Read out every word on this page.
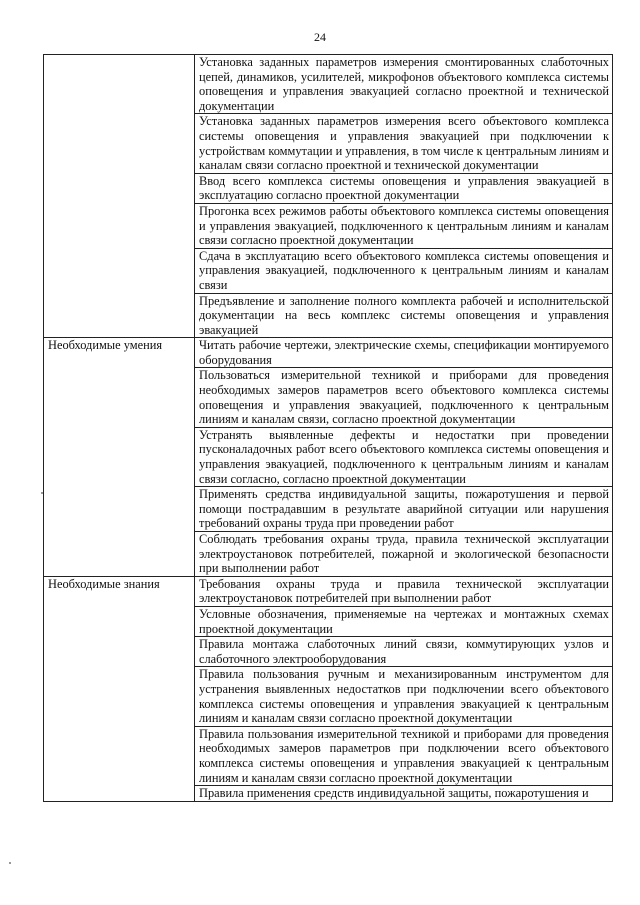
24
	Установка заданных параметров измерения смонтированных слаботочных цепей, динамиков, усилителей, микрофонов объектового комплекса системы оповещения и управления эвакуацией согласно проектной и технической документации
	Установка заданных параметров измерения всего объектового комплекса системы оповещения и управления эвакуацией при подключении к устройствам коммутации и управления, в том числе к центральным линиям и каналам связи согласно проектной и технической документации
	Ввод всего комплекса системы оповещения и управления эвакуацией в эксплуатацию согласно проектной документации
	Прогонка всех режимов работы объектового комплекса системы оповещения и управления эвакуацией, подключенного к центральным линиям и каналам связи согласно проектной документации
	Сдача в эксплуатацию всего объектового комплекса системы оповещения и управления эвакуацией, подключенного к центральным линиям и каналам связи
	Предъявление и заполнение полного комплекта рабочей и исполнительской документации на весь комплекс системы оповещения и управления эвакуацией
Необходимые умения	Читать рабочие чертежи, электрические схемы, спецификации монтируемого оборудования
	Пользоваться измерительной техникой и приборами для проведения необходимых замеров параметров всего объектового комплекса системы оповещения и управления эвакуацией, подключенного к центральным линиям и каналам связи, согласно проектной документации
	Устранять выявленные дефекты и недостатки при проведении пусконаладочных работ всего объектового комплекса системы оповещения и управления эвакуацией, подключенного к центральным линиям и каналам связи согласно, согласно проектной документации
	Применять средства индивидуальной защиты, пожаротушения и первой помощи пострадавшим в результате аварийной ситуации или нарушения требований охраны труда при проведении работ
	Соблюдать требования охраны труда, правила технической эксплуатации электроустановок потребителей, пожарной и экологической безопасности при выполнении работ
Необходимые знания	Требования охраны труда и правила технической эксплуатации электроустановок потребителей при выполнении работ
	Условные обозначения, применяемые на чертежах и монтажных схемах проектной документации
	Правила монтажа слаботочных линий связи, коммутирующих узлов и слаботочного электрооборудования
	Правила пользования ручным и механизированным инструментом для устранения выявленных недостатков при подключении всего объектового комплекса системы оповещения и управления эвакуацией к центральным линиям и каналам связи согласно проектной документации
	Правила пользования измерительной техникой и приборами для проведения необходимых замеров параметров при подключении всего объектового комплекса системы оповещения и управления эвакуацией к центральным линиям и каналам связи согласно проектной документации
	Правила применения средств индивидуальной защиты, пожаротушения и
